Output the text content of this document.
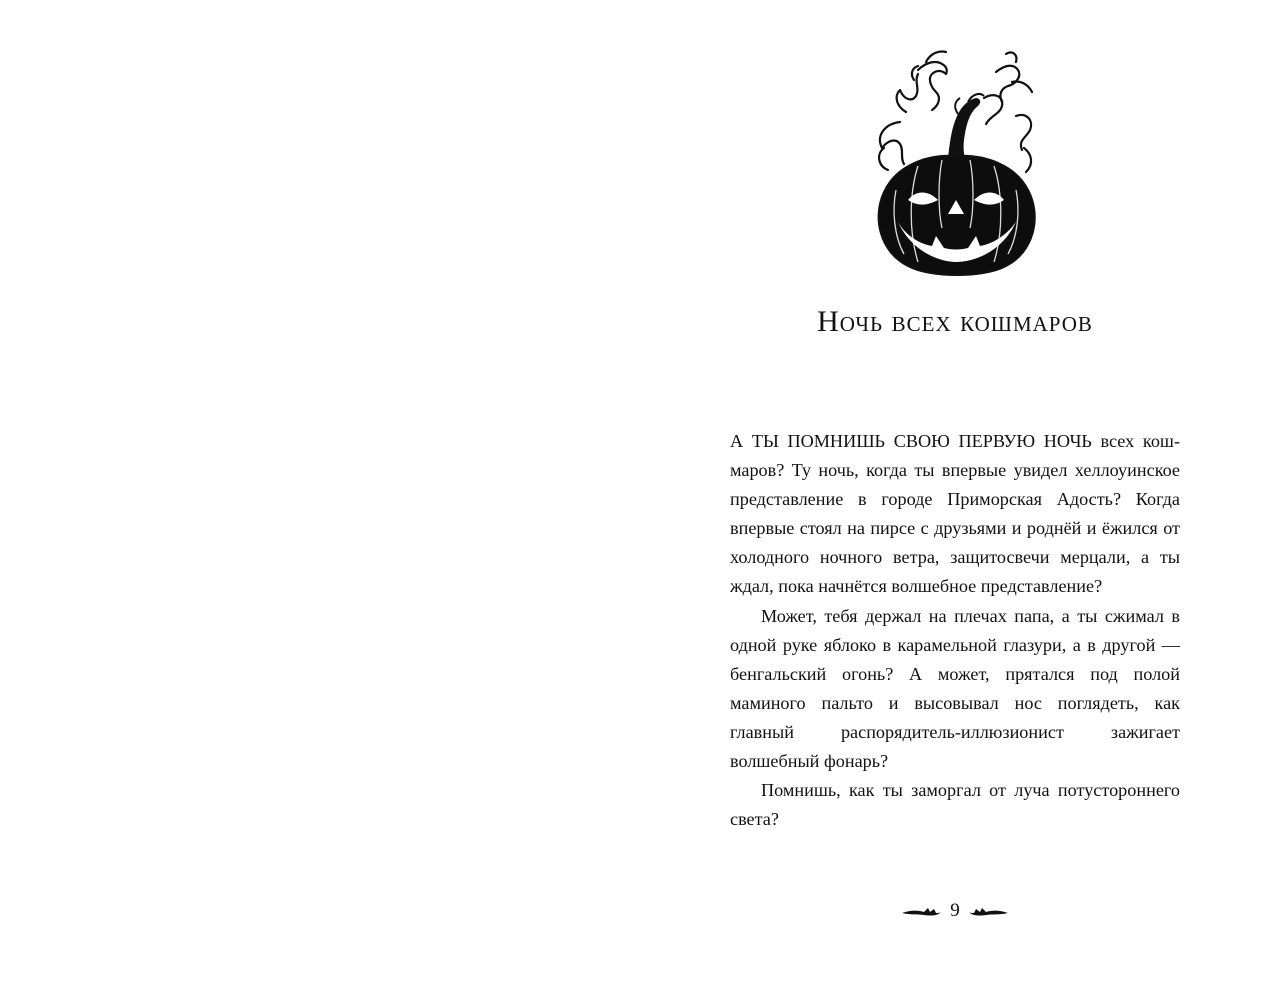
Ночь всех кошмаров

А ТЫ ПОМНИШЬ СВОЮ ПЕРВУЮ НОЧЬ всех кошмаров? Ту ночь, когда ты впервые увидел хеллоуинское представление в городе Приморская Адость? Когда впервые стоял на пирсе с друзьями и роднёй и ёжился от холодного ночного ветра, защитосвечи мерцали, а ты ждал, пока начнётся волшебное представление?

Может, тебя держал на плечах папа, а ты сжимал в одной руке яблоко в карамельной глазури, а в другой — бенгальский огонь? А может, прятался под полой маминого пальто и высовывал нос поглядеть, как главный распорядитель-иллюзионист зажигает волшебный фонарь?

Помнишь, как ты заморгал от луча потустороннего света?

9
